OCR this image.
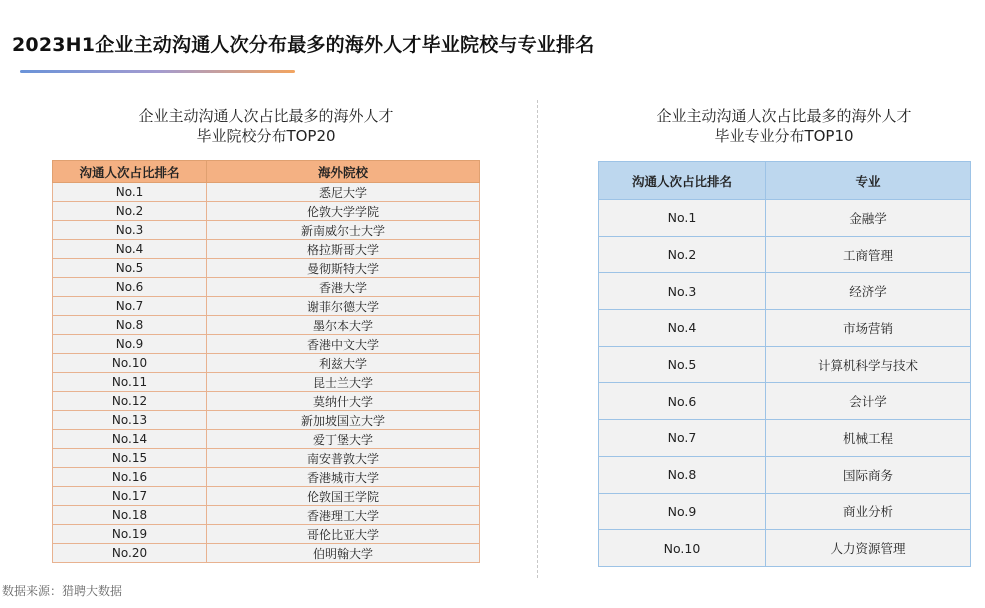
2023H1企业主动沟通人次分布最多的海外人才毕业院校与专业排名
企业主动沟通人次占比最多的海外人才
毕业院校分布TOP20
沟通人次占比排名	海外院校
No.1	悉尼大学
No.2	伦敦大学学院
No.3	新南威尔士大学
No.4	格拉斯哥大学
No.5	曼彻斯特大学
No.6	香港大学
No.7	谢菲尔德大学
No.8	墨尔本大学
No.9	香港中文大学
No.10	利兹大学
No.11	昆士兰大学
No.12	莫纳什大学
No.13	新加坡国立大学
No.14	爱丁堡大学
No.15	南安普敦大学
No.16	香港城市大学
No.17	伦敦国王学院
No.18	香港理工大学
No.19	哥伦比亚大学
No.20	伯明翰大学
企业主动沟通人次占比最多的海外人才
毕业专业分布TOP10
沟通人次占比排名	专业
No.1	金融学
No.2	工商管理
No.3	经济学
No.4	市场营销
No.5	计算机科学与技术
No.6	会计学
No.7	机械工程
No.8	国际商务
No.9	商业分析
No.10	人力资源管理
数据来源：猎聘大数据
